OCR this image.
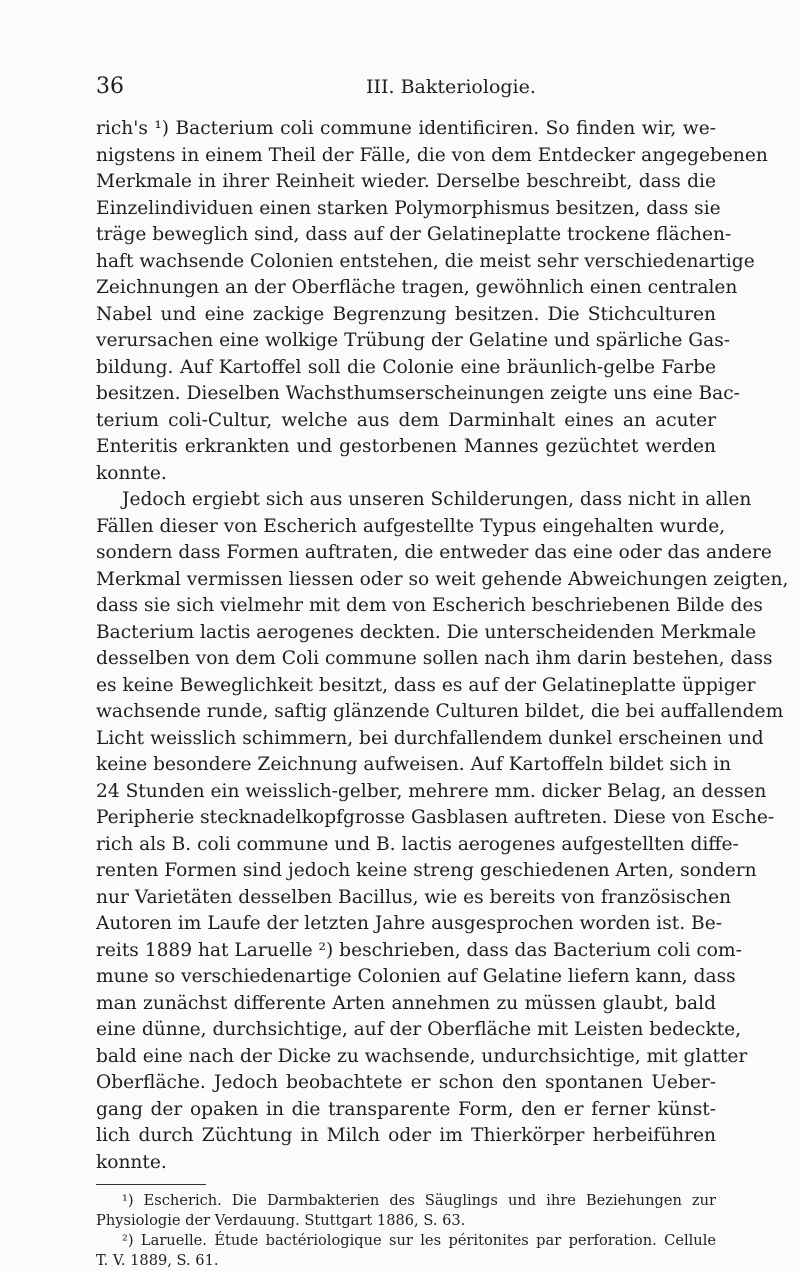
36	III. Bakteriologie.
rich's ¹) Bacterium coli commune identificiren. So finden wir, we-
nigstens in einem Theil der Fälle, die von dem Entdecker angegebenen
Merkmale in ihrer Reinheit wieder. Derselbe beschreibt, dass die
Einzelindividuen einen starken Polymorphismus besitzen, dass sie
träge beweglich sind, dass auf der Gelatineplatte trockene flächen-
haft wachsende Colonien entstehen, die meist sehr verschiedenartige
Zeichnungen an der Oberfläche tragen, gewöhnlich einen centralen
Nabel und eine zackige Begrenzung besitzen. Die Stichculturen
verursachen eine wolkige Trübung der Gelatine und spärliche Gas-
bildung. Auf Kartoffel soll die Colonie eine bräunlich-gelbe Farbe
besitzen. Dieselben Wachsthumserscheinungen zeigte uns eine Bac-
terium coli-Cultur, welche aus dem Darminhalt eines an acuter
Enteritis erkrankten und gestorbenen Mannes gezüchtet werden
konnte.
Jedoch ergiebt sich aus unseren Schilderungen, dass nicht in allen
Fällen dieser von Escherich aufgestellte Typus eingehalten wurde,
sondern dass Formen auftraten, die entweder das eine oder das andere
Merkmal vermissen liessen oder so weit gehende Abweichungen zeigten,
dass sie sich vielmehr mit dem von Escherich beschriebenen Bilde des
Bacterium lactis aerogenes deckten. Die unterscheidenden Merkmale
desselben von dem Coli commune sollen nach ihm darin bestehen, dass
es keine Beweglichkeit besitzt, dass es auf der Gelatineplatte üppiger
wachsende runde, saftig glänzende Culturen bildet, die bei auffallendem
Licht weisslich schimmern, bei durchfallendem dunkel erscheinen und
keine besondere Zeichnung aufweisen. Auf Kartoffeln bildet sich in
24 Stunden ein weisslich-gelber, mehrere mm. dicker Belag, an dessen
Peripherie stecknadelkopfgrosse Gasblasen auftreten. Diese von Esche-
rich als B. coli commune und B. lactis aerogenes aufgestellten diffe-
renten Formen sind jedoch keine streng geschiedenen Arten, sondern
nur Varietäten desselben Bacillus, wie es bereits von französischen
Autoren im Laufe der letzten Jahre ausgesprochen worden ist. Be-
reits 1889 hat Laruelle ²) beschrieben, dass das Bacterium coli com-
mune so verschiedenartige Colonien auf Gelatine liefern kann, dass
man zunächst differente Arten annehmen zu müssen glaubt, bald
eine dünne, durchsichtige, auf der Oberfläche mit Leisten bedeckte,
bald eine nach der Dicke zu wachsende, undurchsichtige, mit glatter
Oberfläche. Jedoch beobachtete er schon den spontanen Ueber-
gang der opaken in die transparente Form, den er ferner künst-
lich durch Züchtung in Milch oder im Thierkörper herbeiführen
konnte.
¹) Escherich. Die Darmbakterien des Säuglings und ihre Beziehungen zur
Physiologie der Verdauung. Stuttgart 1886, S. 63.
²) Laruelle. Étude bactériologique sur les péritonites par perforation. Cellule
T. V. 1889, S. 61.
